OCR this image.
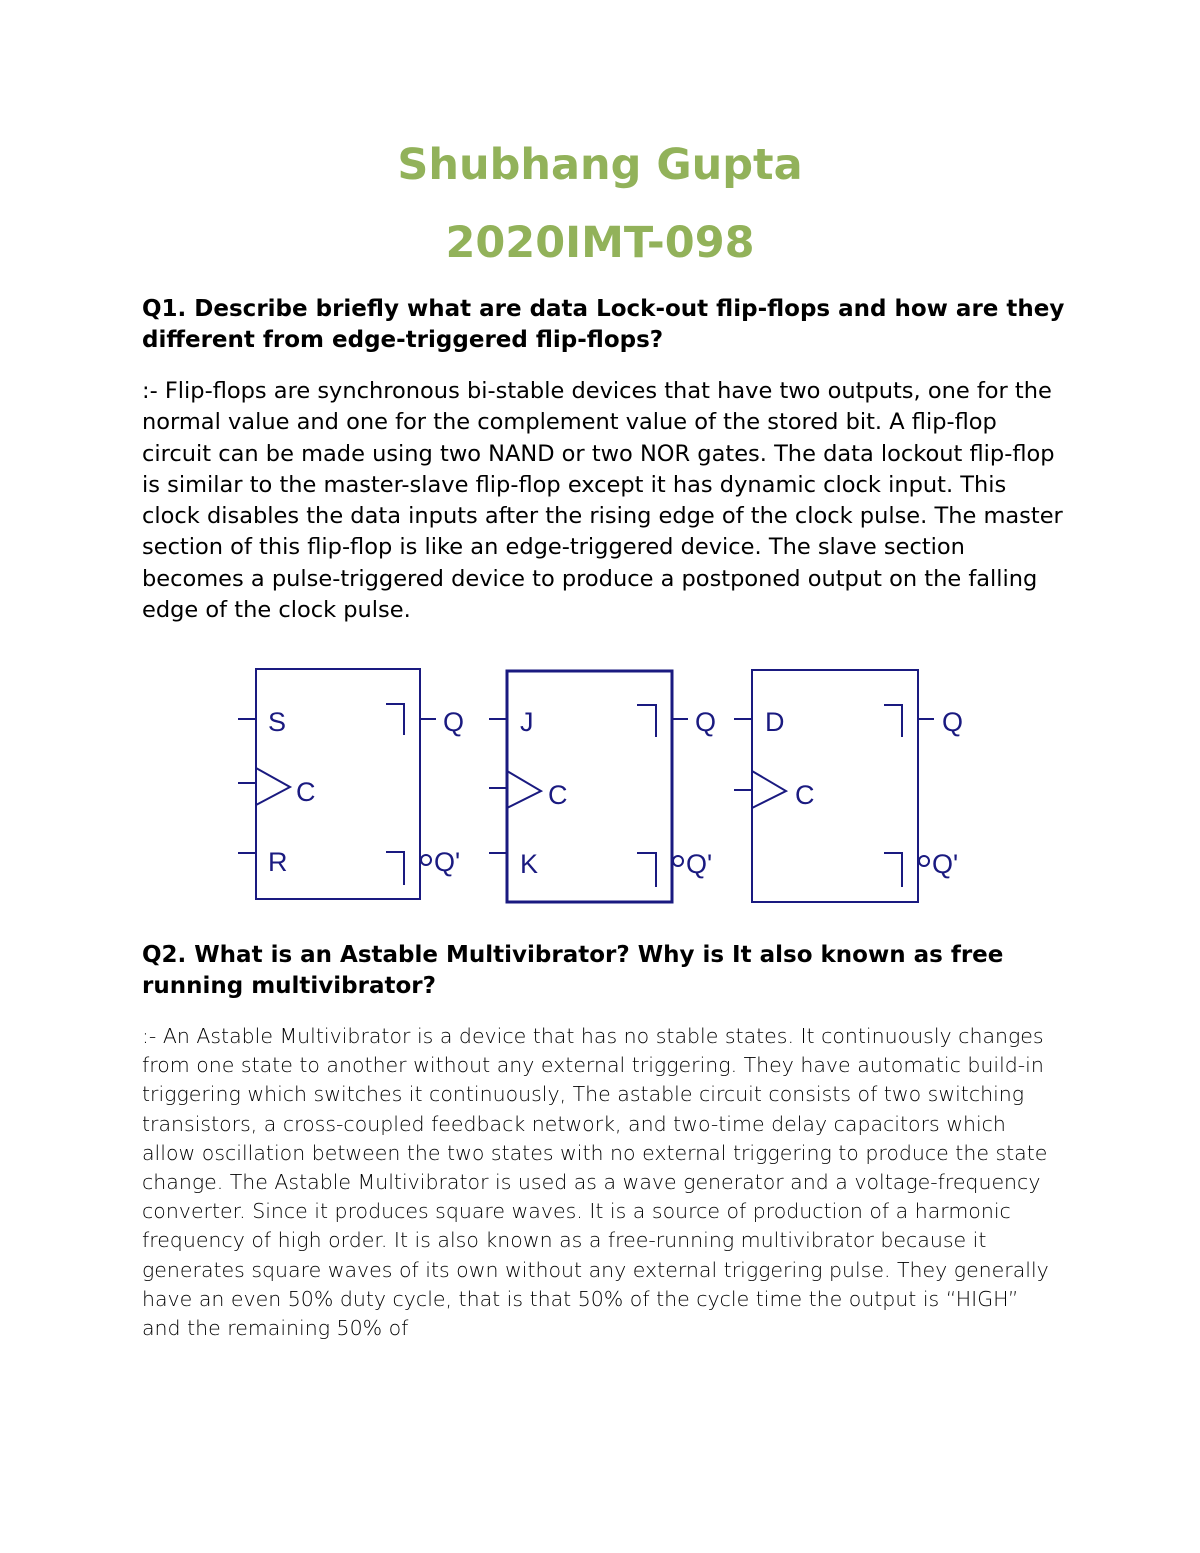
Shubhang Gupta
2020IMT-098

Q1. Describe briefly what are data Lock-out flip-flops and how are they different from edge-triggered flip-flops?

:- Flip-flops are synchronous bi-stable devices that have two outputs, one for the normal value and one for the complement value of the stored bit. A flip-flop circuit can be made using two NAND or two NOR gates. The data lockout flip-flop is similar to the master-slave flip-flop except it has dynamic clock input. This clock disables the data inputs after the rising edge of the clock pulse. The master section of this flip-flop is like an edge-triggered device. The slave section becomes a pulse-triggered device to produce a postponed output on the falling edge of the clock pulse.

S
C
R
Q
Q'
J
C
K
Q
Q'
D
C
Q
Q'

Q2. What is an Astable Multivibrator? Why is It also known as free running multivibrator?

:- An Astable Multivibrator is a device that has no stable states. It continuously changes from one state to another without any external triggering. They have automatic build-in triggering which switches it continuously, The astable circuit consists of two switching transistors, a cross-coupled feedback network, and two-time delay capacitors which allow oscillation between the two states with no external triggering to produce the state change. The Astable Multivibrator is used as a wave generator and a voltage-frequency converter. Since it produces square waves. It is a source of production of a harmonic frequency of high order. It is also known as a free-running multivibrator because it generates square waves of its own without any external triggering pulse. They generally have an even 50% duty cycle, that is that 50% of the cycle time the output is “HIGH” and the remaining 50% of
